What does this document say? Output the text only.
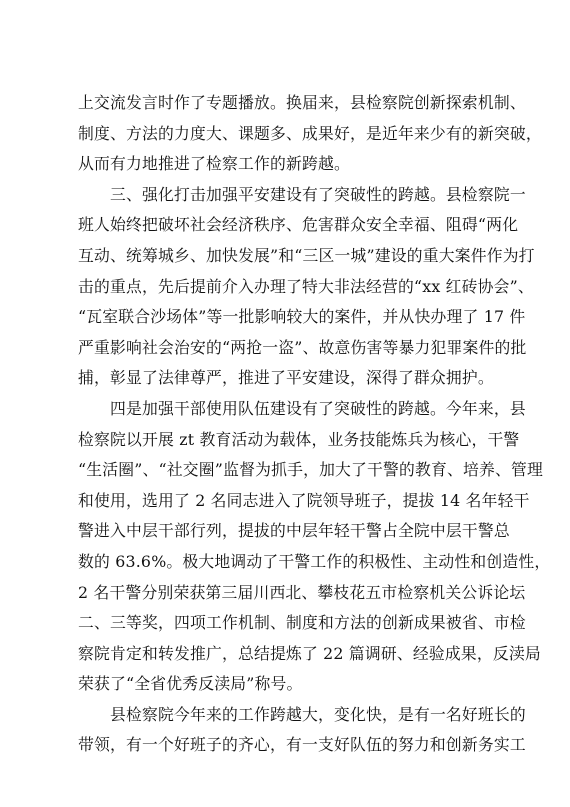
上交流发言时作了专题播放。换届来，县检察院创新探索机制、
制度、方法的力度大、课题多、成果好，是近年来少有的新突破，
从而有力地推进了检察工作的新跨越。
三、强化打击加强平安建设有了突破性的跨越。县检察院一
班人始终把破坏社会经济秩序、危害群众安全幸福、阻碍“两化
互动、统筹城乡、加快发展”和“三区一城”建设的重大案件作为打
击的重点，先后提前介入办理了特大非法经营的“xx 红砖协会”、
“瓦室联合沙场体”等一批影响较大的案件，并从快办理了 17 件
严重影响社会治安的“两抢一盗”、故意伤害等暴力犯罪案件的批
捕，彰显了法律尊严，推进了平安建设，深得了群众拥护。
四是加强干部使用队伍建设有了突破性的跨越。今年来，县
检察院以开展 zt 教育活动为载体，业务技能炼兵为核心，干警
“生活圈”、“社交圈”监督为抓手，加大了干警的教育、培养、管理
和使用，选用了 2 名同志进入了院领导班子，提拔 14 名年轻干
警进入中层干部行列，提拔的中层年轻干警占全院中层干警总
数的 63.6%。极大地调动了干警工作的积极性、主动性和创造性，
2 名干警分别荣获第三届川西北、攀枝花五市检察机关公诉论坛
二、三等奖，四项工作机制、制度和方法的创新成果被省、市检
察院肯定和转发推广，总结提炼了 22 篇调研、经验成果，反渎局
荣获了“全省优秀反渎局”称号。
县检察院今年来的工作跨越大，变化快，是有一名好班长的
带领，有一个好班子的齐心，有一支好队伍的努力和创新务实工
